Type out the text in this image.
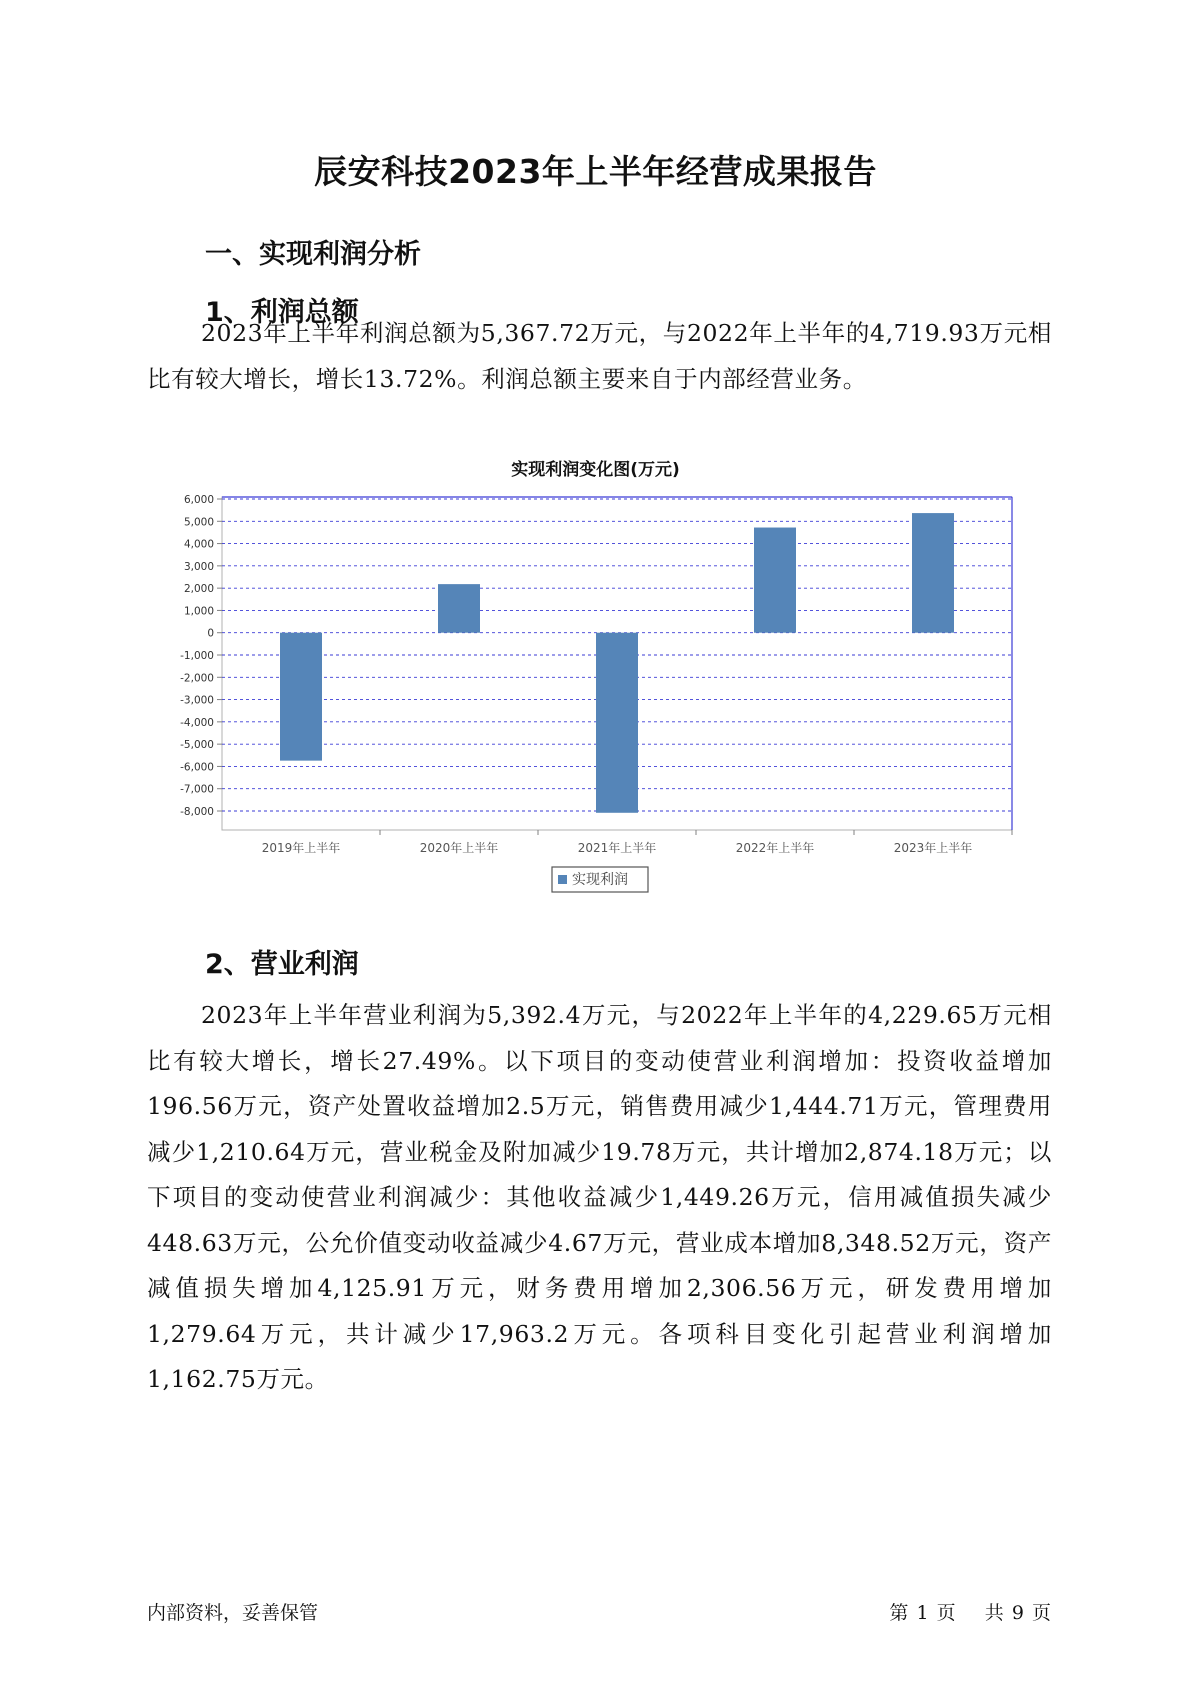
辰安科技2023年上半年经营成果报告
一、实现利润分析
1、利润总额

2023年上半年利润总额为5,367.72万元，与2022年上半年的4,719.93万元相比有较大增长，增长13.72%。利润总额主要来自于内部经营业务。

实现利润变化图(万元)
6,000
5,000
4,000
3,000
2,000
1,000
0
-1,000
-2,000
-3,000
-4,000
-5,000
-6,000
-7,000
-8,000
2019年上半年	2020年上半年	2021年上半年	2022年上半年	2023年上半年
实现利润
2、营业利润

2023年上半年营业利润为5,392.4万元，与2022年上半年的4,229.65万元相比有较大增长，增长27.49%。以下项目的变动使营业利润增加：投资收益增加196.56万元，资产处置收益增加2.5万元，销售费用减少1,444.71万元，管理费用减少1,210.64万元，营业税金及附加减少19.78万元，共计增加2,874.18万元；以下项目的变动使营业利润减少：其他收益减少1,449.26万元，信用减值损失减少448.63万元，公允价值变动收益减少4.67万元，营业成本增加8,348.52万元，资产减值损失增加4,125.91万元，财务费用增加2,306.56万元，研发费用增加1,279.64万元，共计减少17,963.2万元。各项科目变化引起营业利润增加1,162.75万元。

内部资料，妥善保管	第 1 页 共 9 页
